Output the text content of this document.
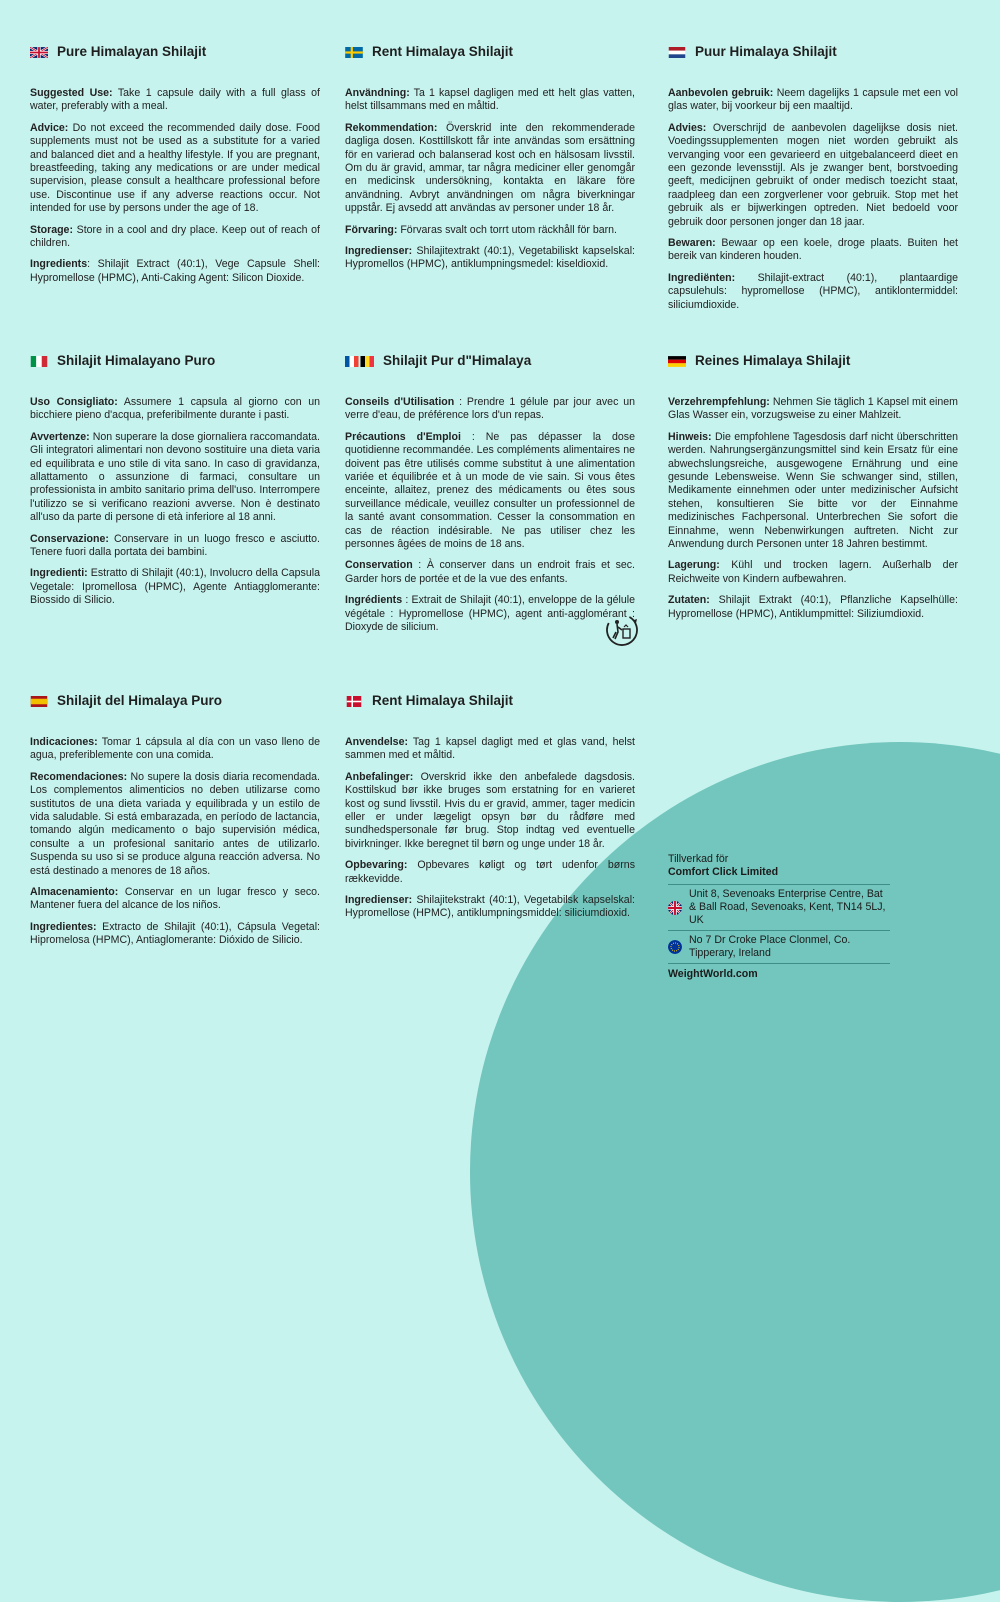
Pure Himalayan Shilajit
Suggested Use: Take 1 capsule daily with a full glass of water, preferably with a meal.
Advice: Do not exceed the recommended daily dose. Food supplements must not be used as a substitute for a varied and balanced diet and a healthy lifestyle. If you are pregnant, breastfeeding, taking any medications or are under medical supervision, please consult a healthcare professional before use. Discontinue use if any adverse reactions occur. Not intended for use by persons under the age of 18.
Storage: Store in a cool and dry place. Keep out of reach of children.
Ingredients: Shilajit Extract (40:1), Vege Capsule Shell: Hypromellose (HPMC), Anti-Caking Agent: Silicon Dioxide.
Rent Himalaya Shilajit
Användning: Ta 1 kapsel dagligen med ett helt glas vatten, helst tillsammans med en måltid.
Rekommendation: Överskrid inte den rekommenderade dagliga dosen. Kosttillskott får inte användas som ersättning för en varierad och balanserad kost och en hälsosam livsstil. Om du är gravid, ammar, tar några mediciner eller genomgår en medicinsk undersökning, kontakta en läkare före användning. Avbryt användningen om några biverkningar uppstår. Ej avsedd att användas av personer under 18 år.
Förvaring: Förvaras svalt och torrt utom räckhåll för barn.
Ingredienser: Shilajitextrakt (40:1), Vegetabiliskt kapselskal: Hypromellos (HPMC), antiklumpningsmedel: kiseldioxid.
Puur Himalaya Shilajit
Aanbevolen gebruik: Neem dagelijks 1 capsule met een vol glas water, bij voorkeur bij een maaltijd.
Advies: Overschrijd de aanbevolen dagelijkse dosis niet. Voedingssupplementen mogen niet worden gebruikt als vervanging voor een gevarieerd en uitgebalanceerd dieet en een gezonde levensstijl. Als je zwanger bent, borstvoeding geeft, medicijnen gebruikt of onder medisch toezicht staat, raadpleeg dan een zorgverlener voor gebruik. Stop met het gebruik als er bijwerkingen optreden. Niet bedoeld voor gebruik door personen jonger dan 18 jaar.
Bewaren: Bewaar op een koele, droge plaats. Buiten het bereik van kinderen houden.
Ingrediënten: Shilajit-extract (40:1), plantaardige capsulehuls: hypromellose (HPMC), antiklontermiddel: siliciumdioxide.
Shilajit Himalayano Puro
Uso Consigliato: Assumere 1 capsula al giorno con un bicchiere pieno d'acqua, preferibilmente durante i pasti.
Avvertenze: Non superare la dose giornaliera raccomandata. Gli integratori alimentari non devono sostituire una dieta varia ed equilibrata e uno stile di vita sano. In caso di gravidanza, allattamento o assunzione di farmaci, consultare un professionista in ambito sanitario prima dell'uso. Interrompere l'utilizzo se si verificano reazioni avverse. Non è destinato all'uso da parte di persone di età inferiore al 18 anni.
Conservazione: Conservare in un luogo fresco e asciutto. Tenere fuori dalla portata dei bambini.
Ingredienti: Estratto di Shilajit (40:1), Involucro della Capsula Vegetale: Ipromellosa (HPMC), Agente Antiagglomerante: Biossido di Silicio.
Shilajit Pur d"Himalaya
Conseils d'Utilisation : Prendre 1 gélule par jour avec un verre d'eau, de préférence lors d'un repas.
Précautions d'Emploi : Ne pas dépasser la dose quotidienne recommandée. Les compléments alimentaires ne doivent pas être utilisés comme substitut à une alimentation variée et équilibrée et à un mode de vie sain. Si vous êtes enceinte, allaitez, prenez des médicaments ou êtes sous surveillance médicale, veuillez consulter un professionnel de la santé avant consommation. Cesser la consommation en cas de réaction indésirable. Ne pas utiliser chez les personnes âgées de moins de 18 ans.
Conservation : À conserver dans un endroit frais et sec. Garder hors de portée et de la vue des enfants.
Ingrédients : Extrait de Shilajit (40:1), enveloppe de la gélule végétale : Hypromellose (HPMC), agent anti-agglomérant : Dioxyde de silicium.
Reines Himalaya Shilajit
Verzehrempfehlung: Nehmen Sie täglich 1 Kapsel mit einem Glas Wasser ein, vorzugsweise zu einer Mahlzeit.
Hinweis: Die empfohlene Tagesdosis darf nicht überschritten werden. Nahrungsergänzungsmittel sind kein Ersatz für eine abwechslungsreiche, ausgewogene Ernährung und eine gesunde Lebensweise. Wenn Sie schwanger sind, stillen, Medikamente einnehmen oder unter medizinischer Aufsicht stehen, konsultieren Sie bitte vor der Einnahme medizinisches Fachpersonal. Unterbrechen Sie sofort die Einnahme, wenn Nebenwirkungen auftreten. Nicht zur Anwendung durch Personen unter 18 Jahren bestimmt.
Lagerung: Kühl und trocken lagern. Außerhalb der Reichweite von Kindern aufbewahren.
Zutaten: Shilajit Extrakt (40:1), Pflanzliche Kapselhülle: Hypromellose (HPMC), Antiklumpmittel: Siliziumdioxid.
Shilajit del Himalaya Puro
Indicaciones: Tomar 1 cápsula al día con un vaso lleno de agua, preferiblemente con una comida.
Recomendaciones: No supere la dosis diaria recomendada. Los complementos alimenticios no deben utilizarse como sustitutos de una dieta variada y equilibrada y un estilo de vida saludable. Si está embarazada, en período de lactancia, tomando algún medicamento o bajo supervisión médica, consulte a un profesional sanitario antes de utilizarlo. Suspenda su uso si se produce alguna reacción adversa. No está destinado a menores de 18 años.
Almacenamiento: Conservar en un lugar fresco y seco. Mantener fuera del alcance de los niños.
Ingredientes: Extracto de Shilajit (40:1), Cápsula Vegetal: Hipromelosa (HPMC), Antiaglomerante: Dióxido de Silicio.
Rent Himalaya Shilajit
Anvendelse: Tag 1 kapsel dagligt med et glas vand, helst sammen med et måltid.
Anbefalinger: Overskrid ikke den anbefalede dagsdosis. Kosttilskud bør ikke bruges som erstatning for en varieret kost og sund livsstil. Hvis du er gravid, ammer, tager medicin eller er under lægeligt opsyn bør du rådføre med sundhedspersonale før brug. Stop indtag ved eventuelle bivirkninger. Ikke beregnet til børn og unge under 18 år.
Opbevaring: Opbevares køligt og tørt udenfor børns rækkevidde.
Ingredienser: Shilajitekstrakt (40:1), Vegetabilsk kapselskal: Hypromellose (HPMC), antiklumpningsmiddel: siliciumdioxid.
Tillverkad för
Comfort Click Limited
Unit 8, Sevenoaks Enterprise Centre, Bat & Ball Road, Sevenoaks, Kent, TN14 5LJ, UK
No 7 Dr Croke Place Clonmel, Co. Tipperary, Ireland
WeightWorld.com
